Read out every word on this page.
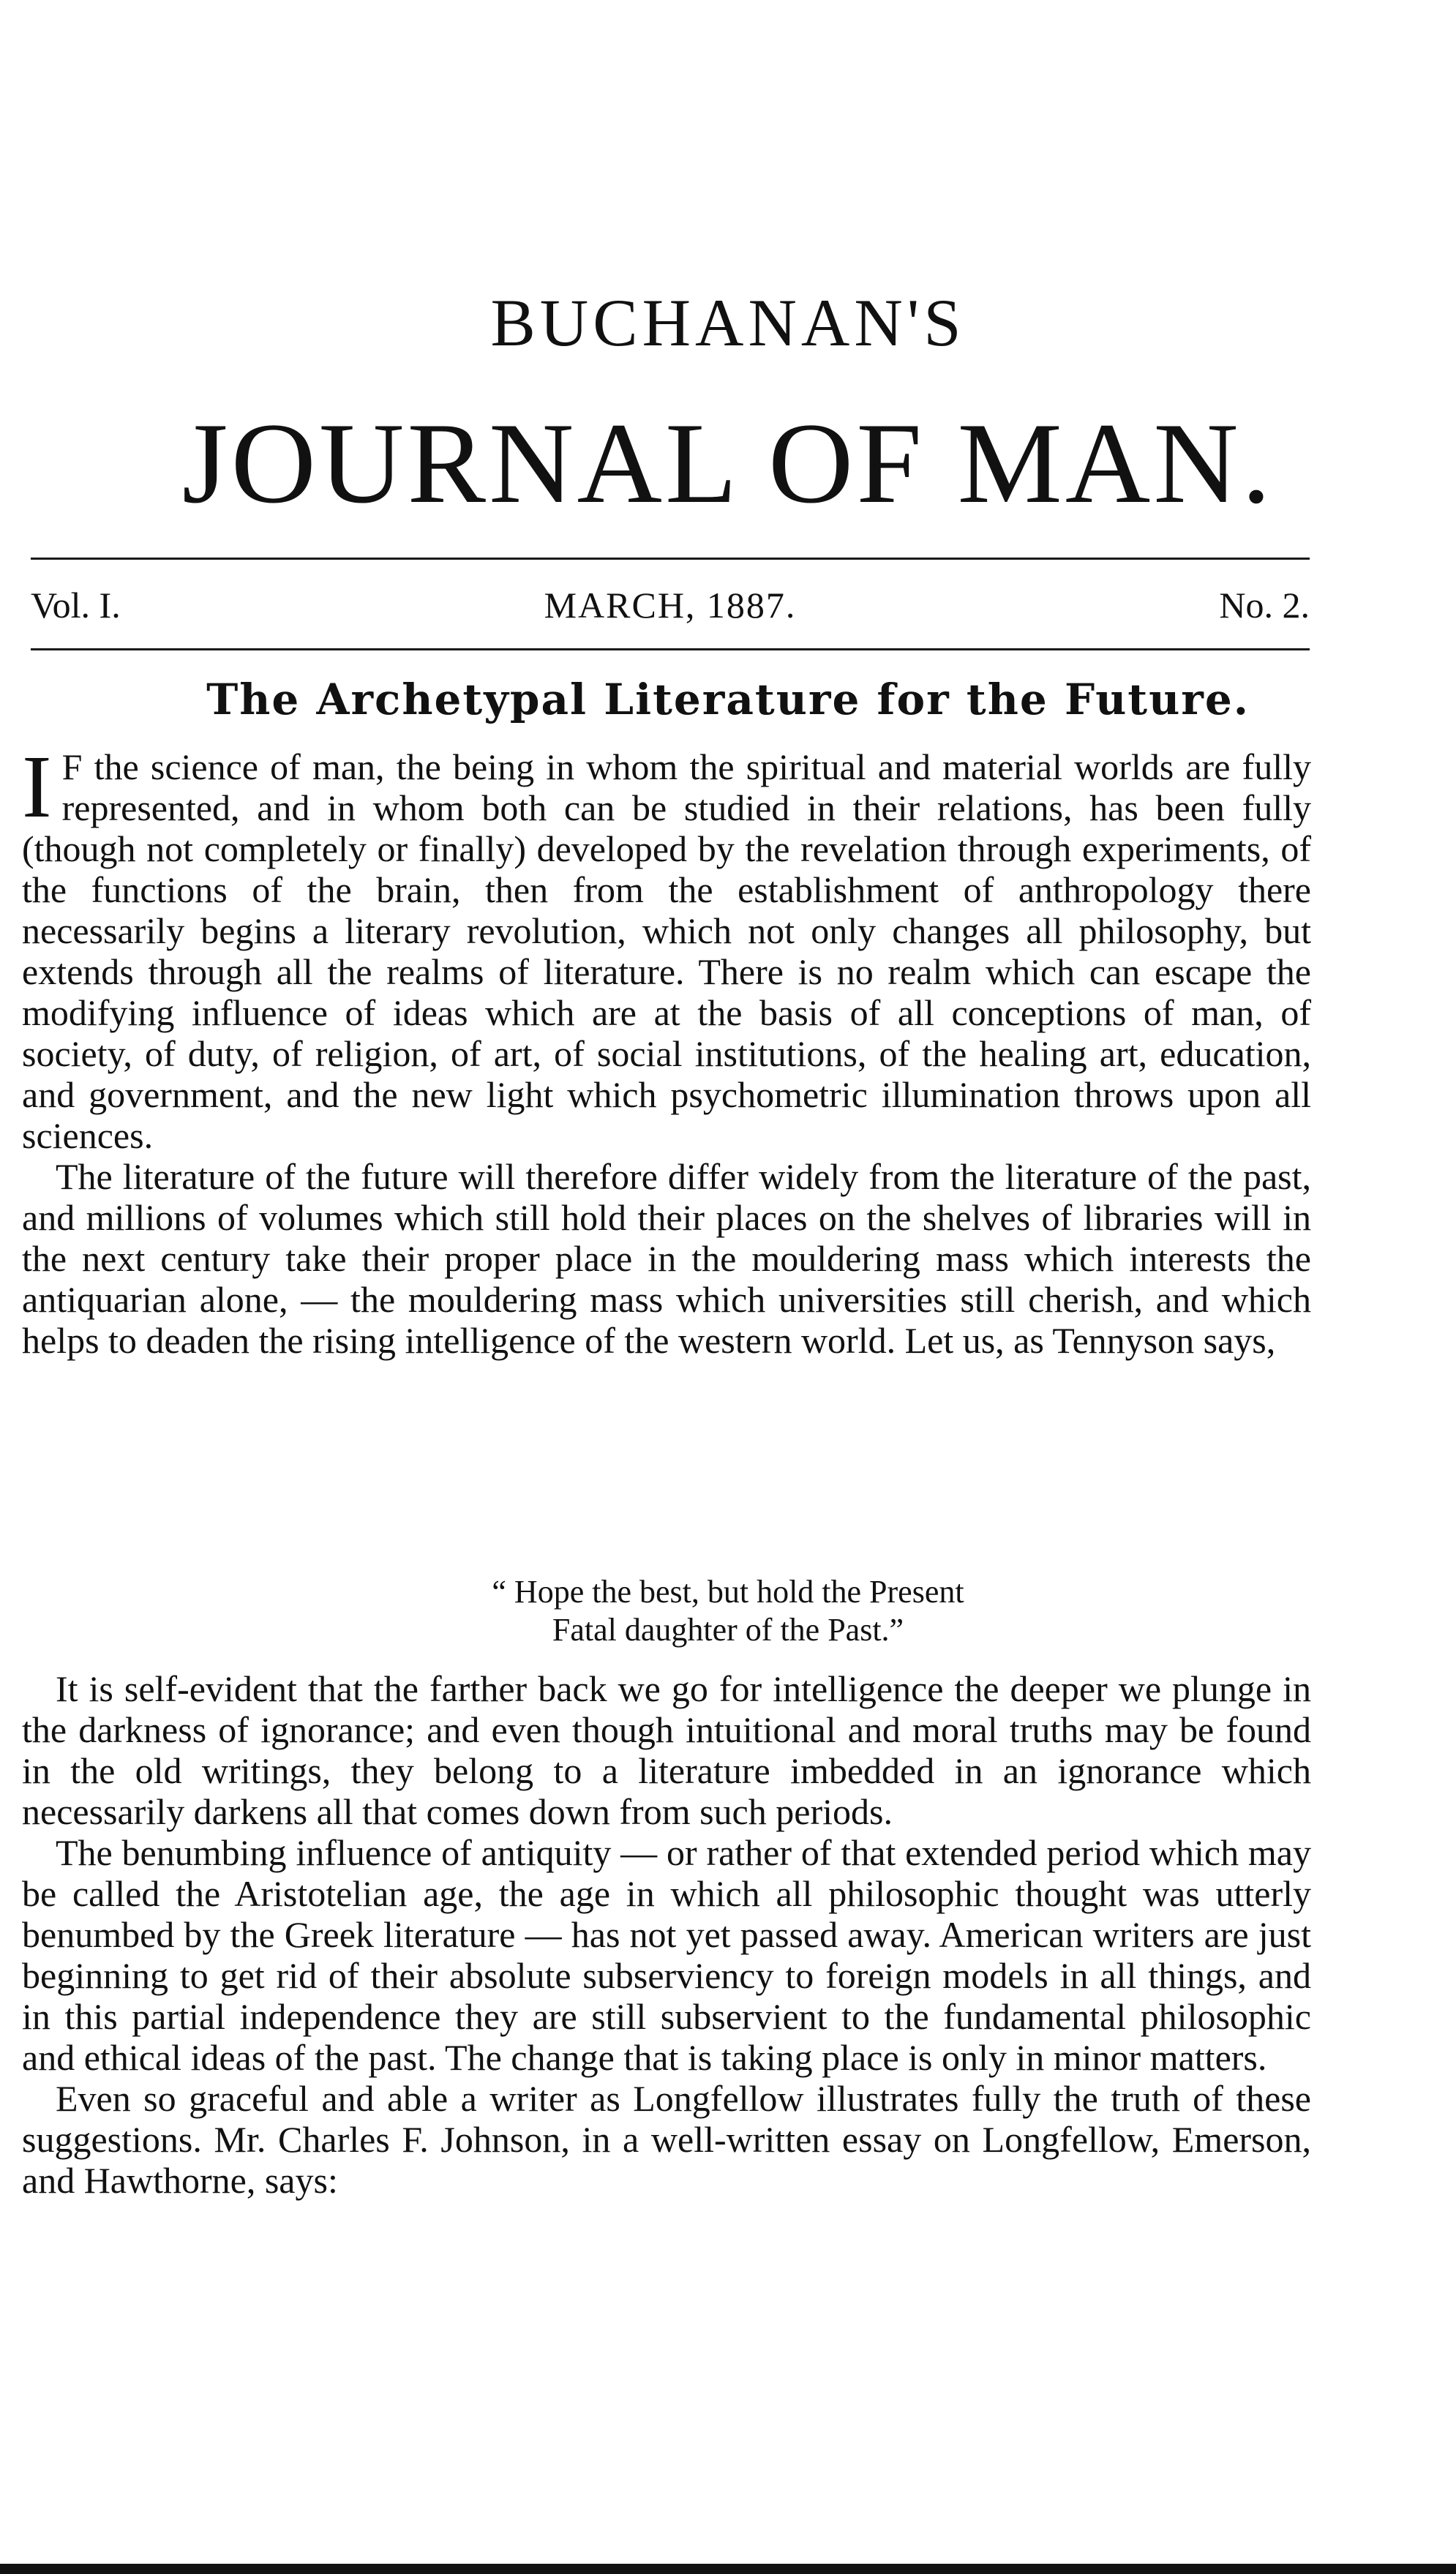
BUCHANAN'S
JOURNAL OF MAN.
Vol. I.	MARCH, 1887.	No. 2.
The Archetypal Literature for the Future.

I F the science of man, the being in whom the spiritual and material worlds are fully represented, and in whom both can be studied in their relations, has been fully (though not completely or finally) developed by the revelation through experiments, of the functions of the brain, then from the establishment of anthropology there necessarily begins a literary revolution, which not only changes all philosophy, but extends through all the realms of literature. There is no realm which can escape the modifying influence of ideas which are at the basis of all conceptions of man, of society, of duty, of religion, of art, of social institutions, of the healing art, education, and government, and the new light which psychometric illumination throws upon all sciences.

The literature of the future will therefore differ widely from the literature of the past, and millions of volumes which still hold their places on the shelves of libraries will in the next century take their proper place in the mouldering mass which interests the antiquarian alone, — the mouldering mass which universities still cherish, and which helps to deaden the rising intelligence of the western world. Let us, as Tennyson says,

“ Hope the best, but hold the Present

Fatal daughter of the Past.”

It is self-evident that the farther back we go for intelligence the deeper we plunge in the darkness of ignorance; and even though intuitional and moral truths may be found in the old writings, they belong to a literature imbedded in an ignorance which necessarily darkens all that comes down from such periods.

The benumbing influence of antiquity — or rather of that extended period which may be called the Aristotelian age, the age in which all philosophic thought was utterly benumbed by the Greek literature — has not yet passed away. American writers are just beginning to get rid of their absolute subserviency to foreign models in all things, and in this partial independence they are still subservient to the fundamental philosophic and ethical ideas of the past. The change that is taking place is only in minor matters.

Even so graceful and able a writer as Longfellow illustrates fully the truth of these suggestions. Mr. Charles F. Johnson, in a well-written essay on Longfellow, Emerson, and Hawthorne, says:
